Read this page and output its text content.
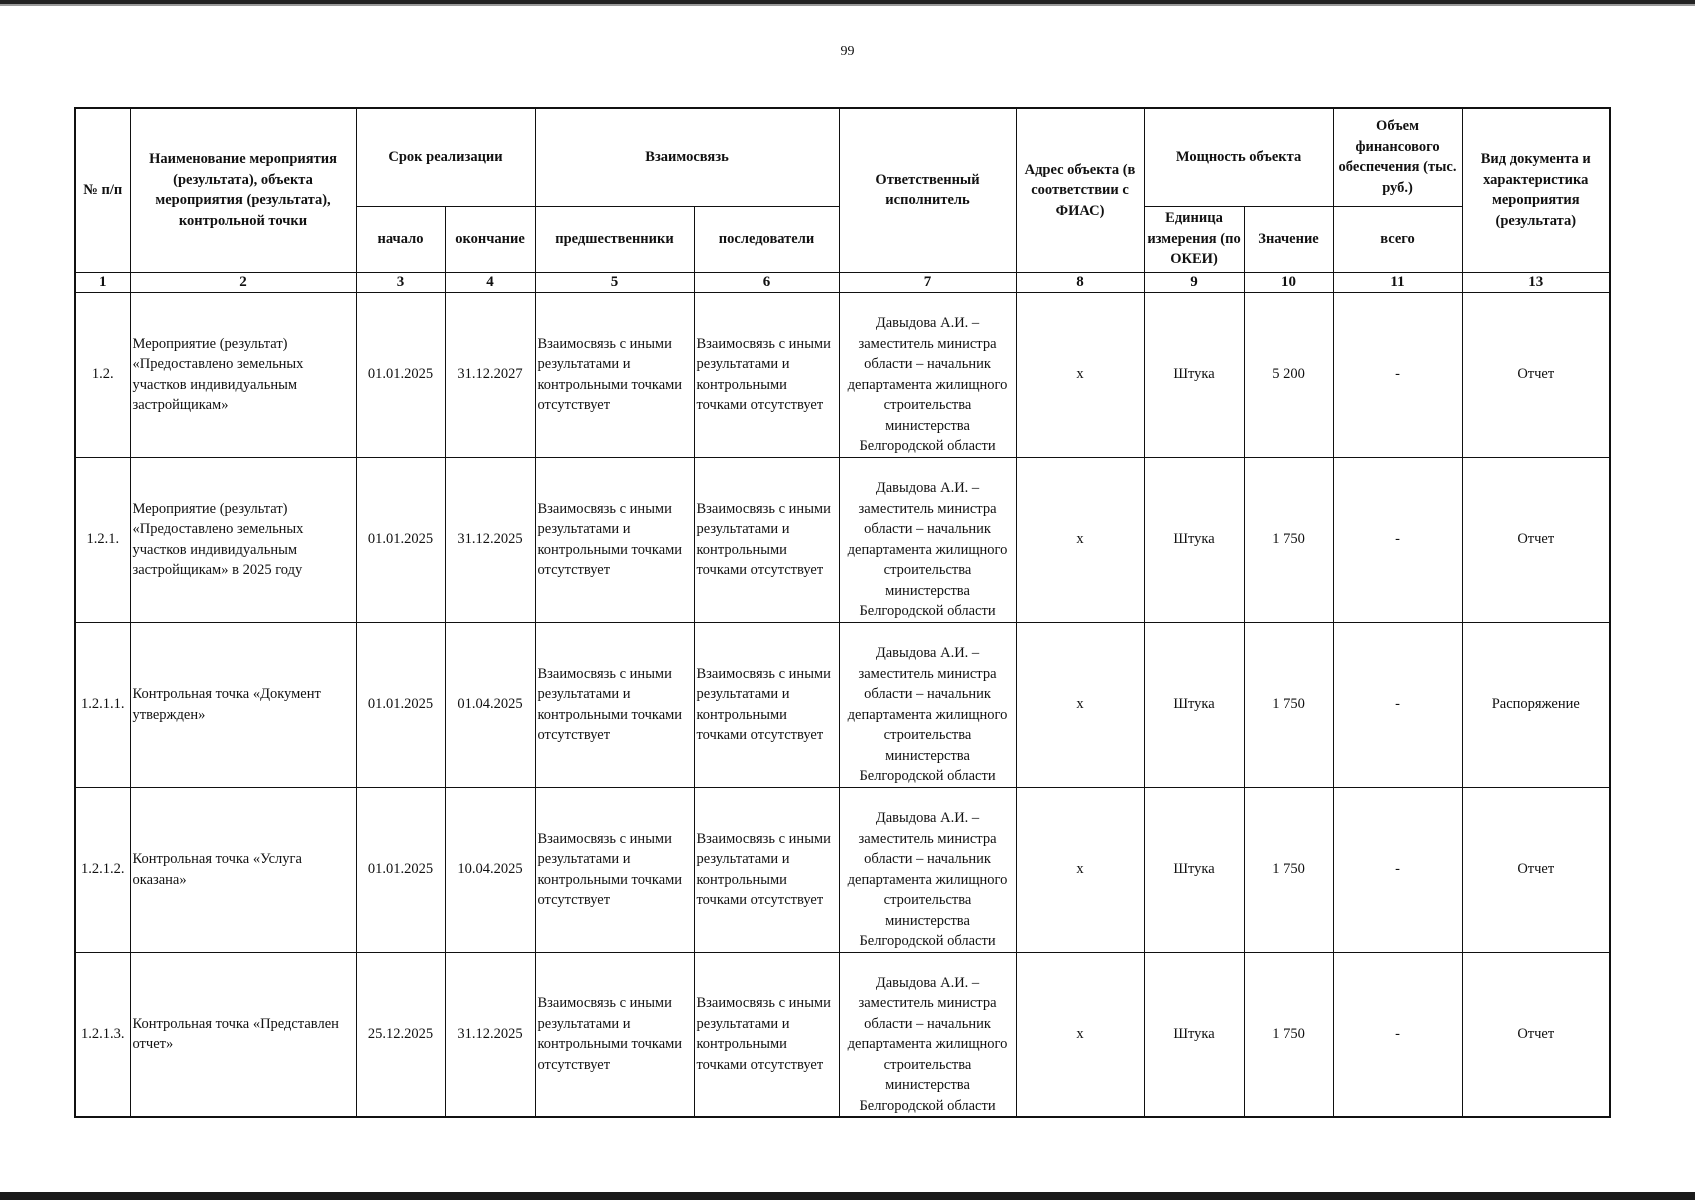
99
№ п/п	Наименование мероприятия (результата), объекта мероприятия (результата), контрольной точки	Срок реализации		Взаимосвязь		Ответственный исполнитель	Адрес объекта (в соответствии с ФИАС)	Мощность объекта		Объем финансового обеспечения (тыс. руб.)	Вид документа и характеристика мероприятия (результата)
		начало	окончание	предшественники	последователи			Единица измерения (по ОКЕИ)	Значение	всего	
1	2	3	4	5	6	7	8	9	10	11	13
1.2.	Мероприятие (результат) «Предоставлено земельных участков индивидуальным застройщикам»	01.01.2025	31.12.2027	Взаимосвязь с иными результатами и контрольными точками отсутствует	Взаимосвязь с иными результатами и контрольными точками отсутствует	Давыдова А.И. – заместитель министра области – начальник департамента жилищного строительства министерства Белгородской области	x	Штука	5 200	-	Отчет
1.2.1.	Мероприятие (результат) «Предоставлено земельных участков индивидуальным застройщикам» в 2025 году	01.01.2025	31.12.2025	Взаимосвязь с иными результатами и контрольными точками отсутствует	Взаимосвязь с иными результатами и контрольными точками отсутствует	Давыдова А.И. – заместитель министра области – начальник департамента жилищного строительства министерства Белгородской области	x	Штука	1 750	-	Отчет
1.2.1.1.	Контрольная точка «Документ утвержден»	01.01.2025	01.04.2025	Взаимосвязь с иными результатами и контрольными точками отсутствует	Взаимосвязь с иными результатами и контрольными точками отсутствует	Давыдова А.И. – заместитель министра области – начальник департамента жилищного строительства министерства Белгородской области	x	Штука	1 750	-	Распоряжение
1.2.1.2.	Контрольная точка «Услуга оказана»	01.01.2025	10.04.2025	Взаимосвязь с иными результатами и контрольными точками отсутствует	Взаимосвязь с иными результатами и контрольными точками отсутствует	Давыдова А.И. – заместитель министра области – начальник департамента жилищного строительства министерства Белгородской области	x	Штука	1 750	-	Отчет
1.2.1.3.	Контрольная точка «Представлен отчет»	25.12.2025	31.12.2025	Взаимосвязь с иными результатами и контрольными точками отсутствует	Взаимосвязь с иными результатами и контрольными точками отсутствует	Давыдова А.И. – заместитель министра области – начальник департамента жилищного строительства министерства Белгородской области	x	Штука	1 750	-	Отчет
